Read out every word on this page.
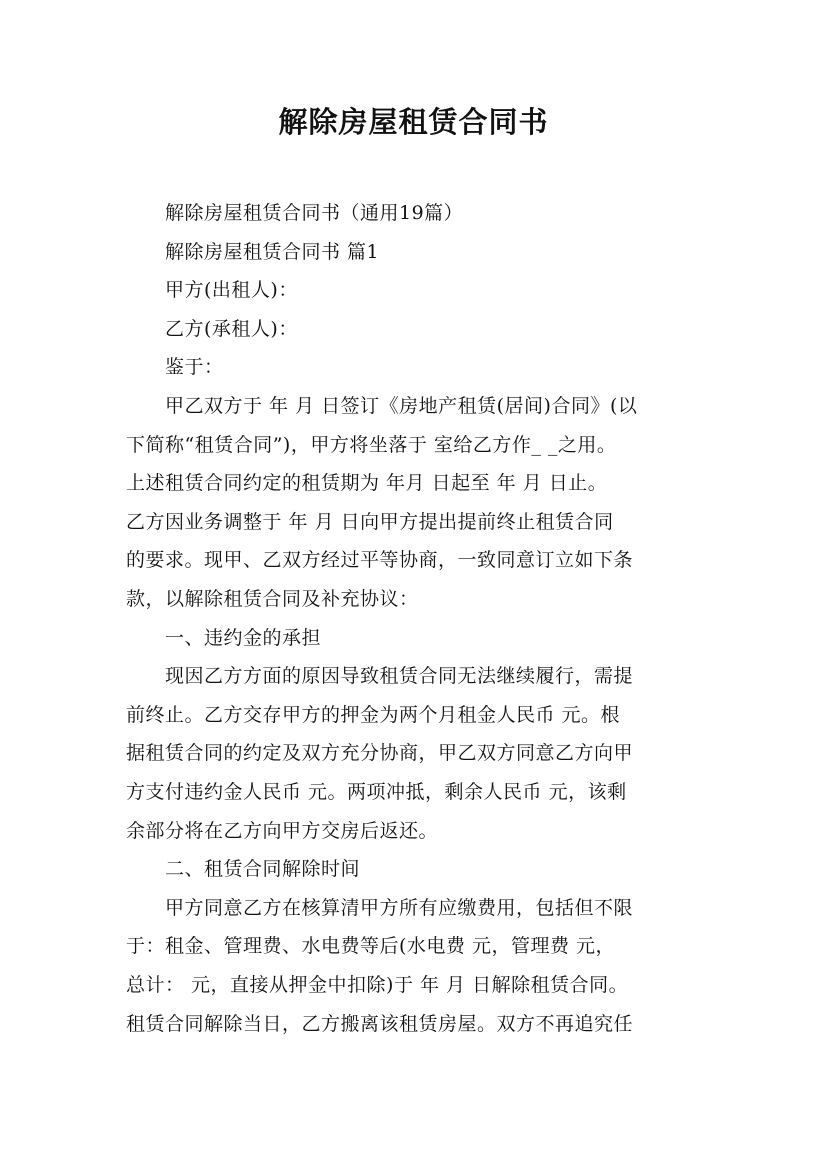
解除房屋租赁合同书
　　解除房屋租赁合同书（通用19篇）
　　解除房屋租赁合同书 篇1
　　甲方(出租人)：
　　乙方(承租人)：
　　鉴于：
　　甲乙双方于 年 月 日签订《房地产租赁(居间)合同》(以
下简称“租赁合同”)，甲方将坐落于 室给乙方作_ _之用。
上述租赁合同约定的租赁期为 年月 日起至 年 月 日止。
乙方因业务调整于 年 月 日向甲方提出提前终止租赁合同
的要求。现甲、乙双方经过平等协商，一致同意订立如下条
款，以解除租赁合同及补充协议：
　　一、违约金的承担
　　现因乙方方面的原因导致租赁合同无法继续履行，需提
前终止。乙方交存甲方的押金为两个月租金人民币 元。根
据租赁合同的约定及双方充分协商，甲乙双方同意乙方向甲
方支付违约金人民币 元。两项冲抵，剩余人民币 元，该剩
余部分将在乙方向甲方交房后返还。
　　二、租赁合同解除时间
　　甲方同意乙方在核算清甲方所有应缴费用，包括但不限
于：租金、管理费、水电费等后(水电费 元，管理费 元，
总计： 元，直接从押金中扣除)于 年 月 日解除租赁合同。
租赁合同解除当日，乙方搬离该租赁房屋。双方不再追究任
